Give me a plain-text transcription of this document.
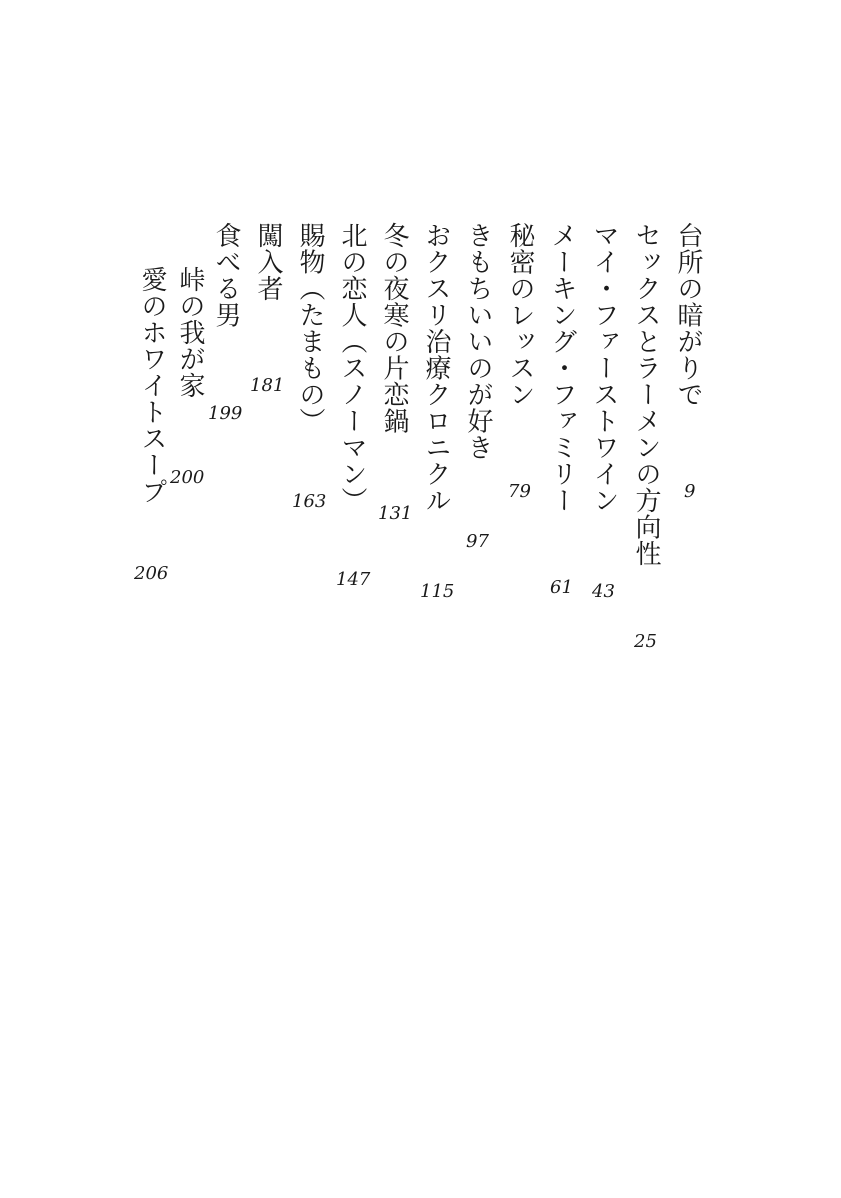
台所の暗がりで
9
セックスとラーメンの方向性
25
マイ・ファーストワイン
43
メーキング・ファミリー
61
秘密のレッスン
79
きもちいいのが好き
97
おクスリ治療クロニクル
115
冬の夜寒の片恋鍋
131
北の恋人（スノーマン）
147
賜物（たまもの）
163
闖入者
181
食べる男
199
峠の我が家
200
愛のホワイトスープ
206
